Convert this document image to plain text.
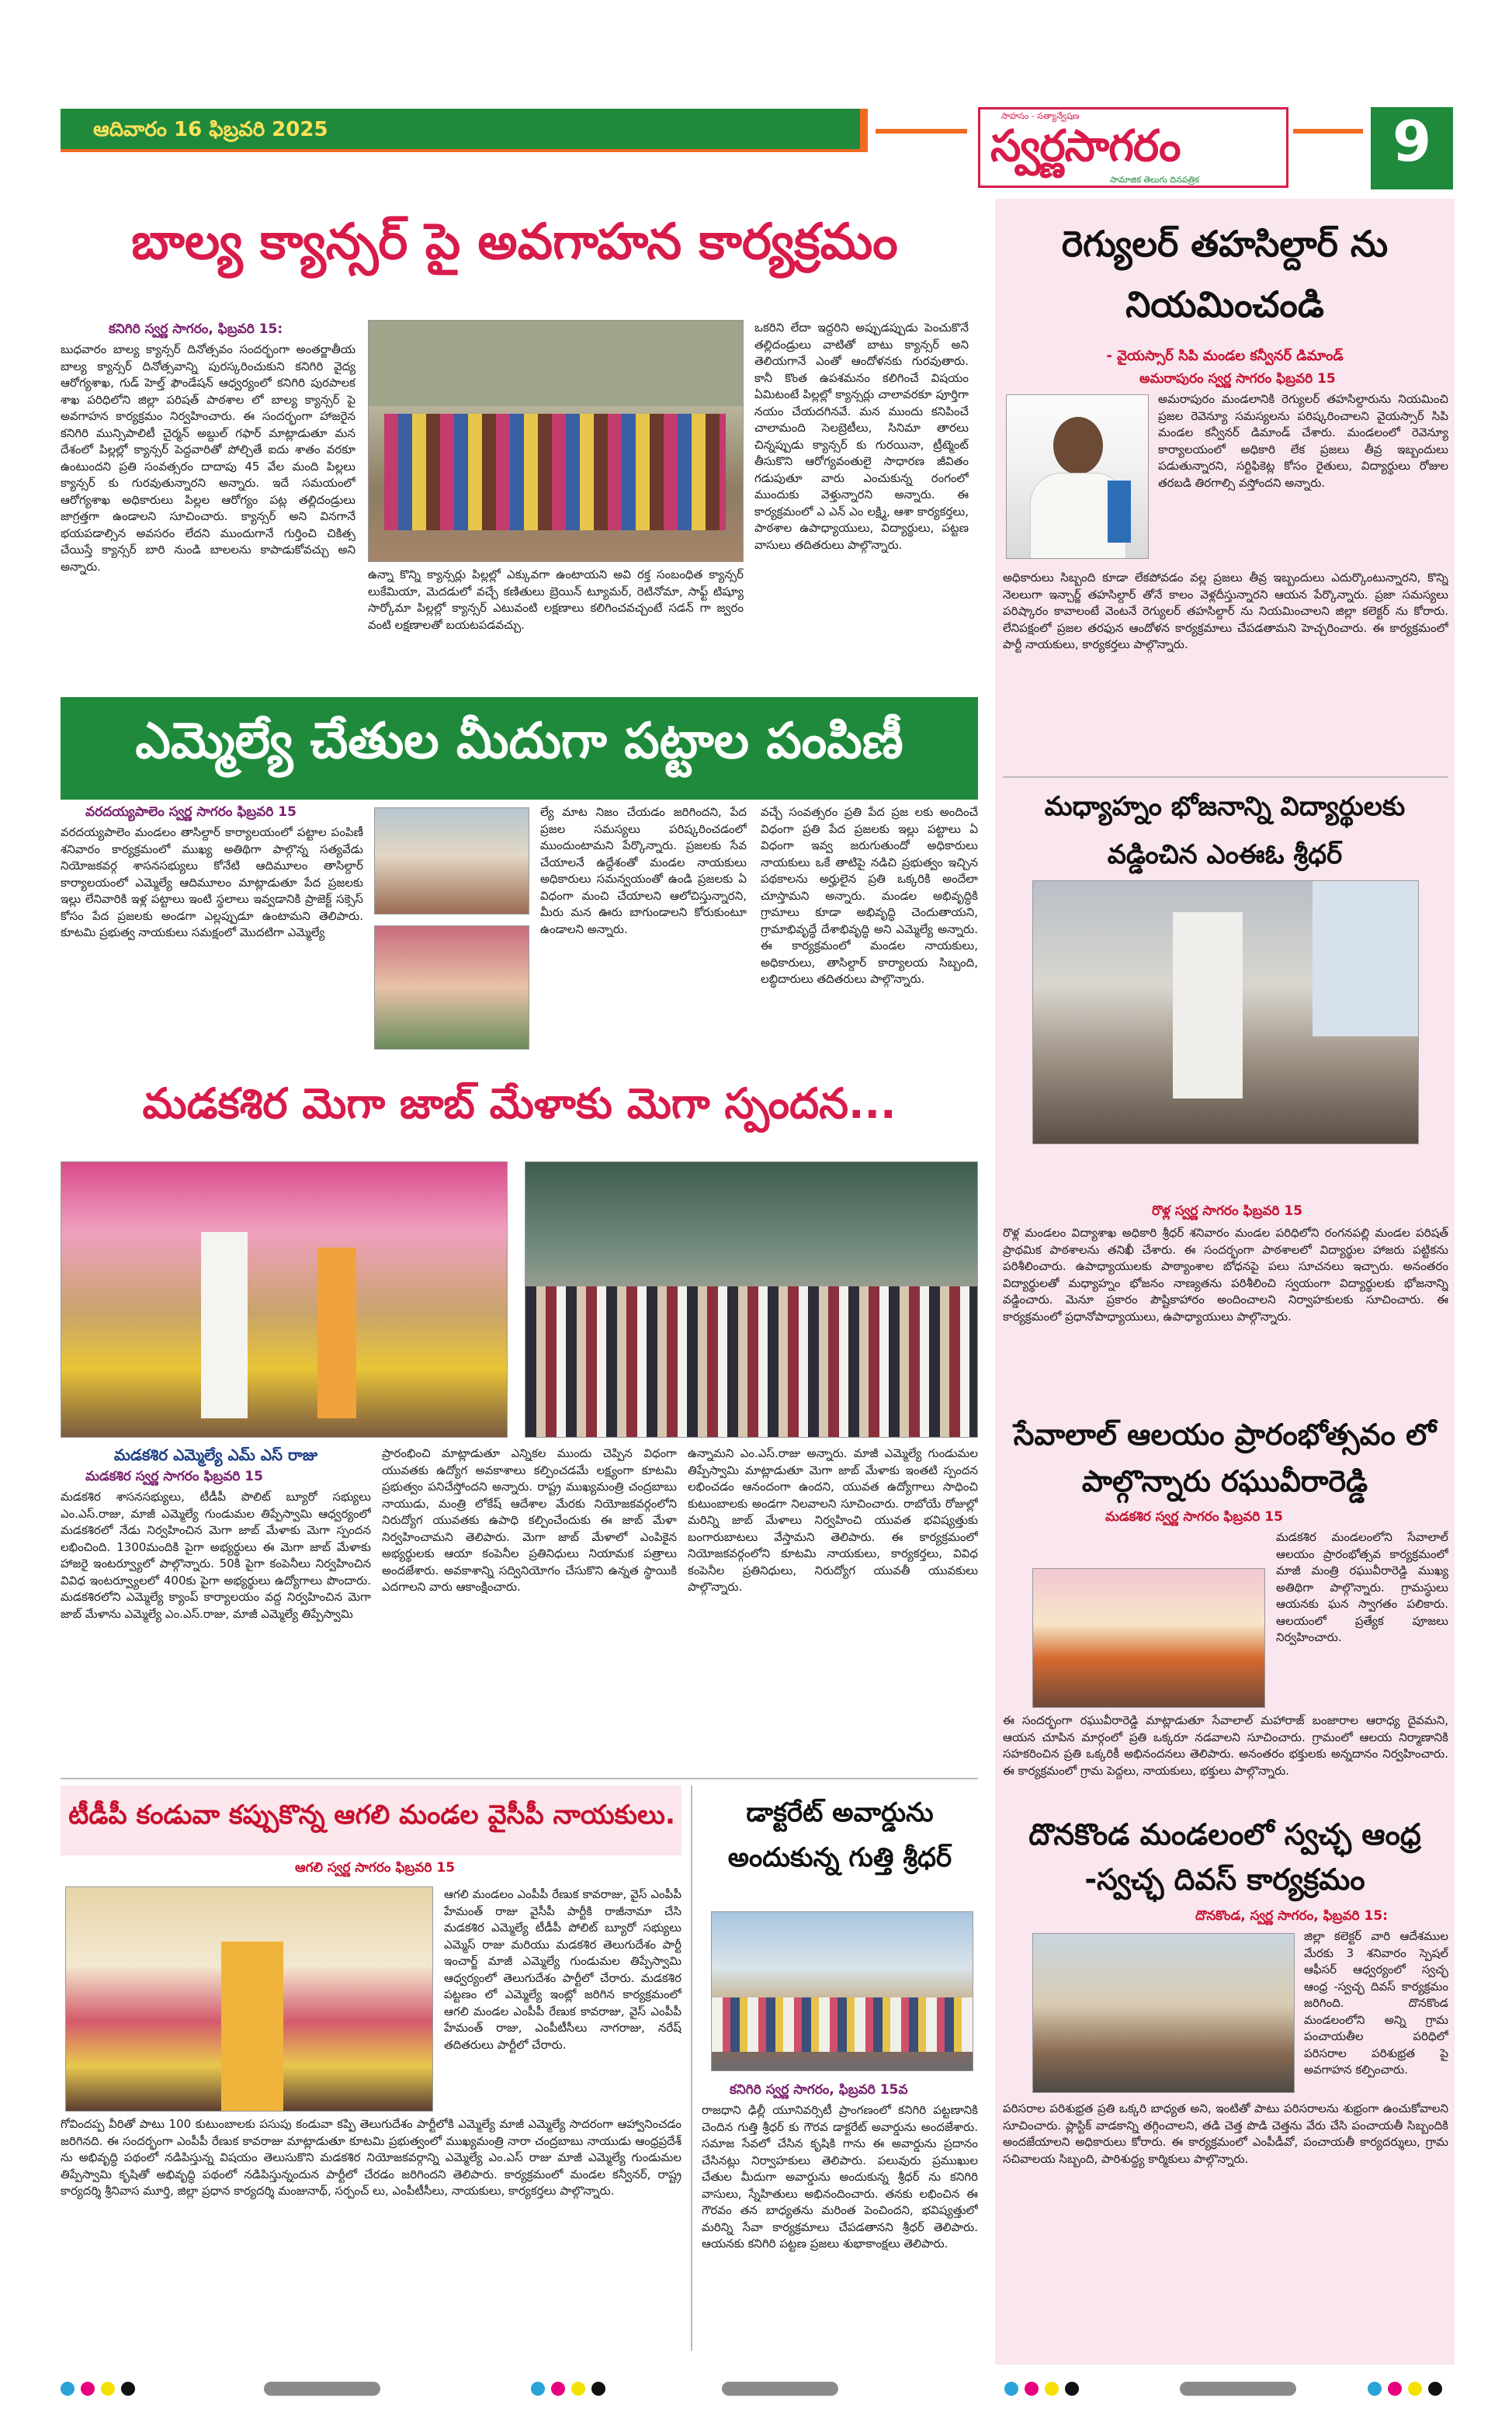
ఆదివారం 16 ఫిబ్రవరి 2025
సాహసం - సత్యాన్వేషణ
స్వర్ణసాగరం
సామాజిక తెలుగు దినపత్రిక
9
బాల్య క్యాన్సర్ పై అవగాహన కార్యక్రమం
కనిగిరి స్వర్ణ సాగరం, ఫిబ్రవరి 15:
బుధవారం బాల్య క్యాన్సర్ దినోత్సవం సందర్భంగా అంతర్జాతీయ బాల్య క్యాన్సర్ దినోత్సవాన్ని పురస్కరించుకుని కనిగిరి వైద్య ఆరోగ్యశాఖ, గుడ్ హెల్త్ ఫౌండేషన్ ఆధ్వర్యంలో కనిగిరి పురపాలక శాఖ పరిధిలోని జిల్లా పరిషత్ పాఠశాల లో బాల్య క్యాన్సర్ పై అవగాహన కార్యక్రమం నిర్వహించారు. ఈ సందర్భంగా హాజరైన కనిగిరి మున్సిపాలిటీ చైర్మన్ అబ్దుల్ గఫార్ మాట్లాడుతూ మన దేశంలో పిల్లల్లో క్యాన్సర్ పెద్దవారితో పోల్చితే ఐదు శాతం వరకూ ఉంటుందని ప్రతి సంవత్సరం దాదాపు 45 వేల మంది పిల్లలు క్యాన్సర్ కు గురవుతున్నారని అన్నారు. ఇదే సమయంలో ఆరోగ్యశాఖ అధికారులు పిల్లల ఆరోగ్యం పట్ల తల్లిదండ్రులు జాగ్రత్తగా ఉండాలని సూచించారు. క్యాన్సర్ అని వినగానే భయపడాల్సిన అవసరం లేదని ముందుగానే గుర్తించి చికిత్స చేయిస్తే క్యాన్సర్ బారి నుండి బాలలను కాపాడుకోవచ్చు అని అన్నారు.
ఉన్నా కొన్ని క్యాన్సర్లు పిల్లల్లో ఎక్కువగా ఉంటాయని అవి రక్త సంబంధిత క్యాన్సర్ లుకేమియా, మెదడులో వచ్చే కణితులు బ్రెయిన్ ట్యూమర్, రెటినోమా, సాఫ్ట్ టిష్యూ సార్కోమా పిల్లల్లో క్యాన్సర్ ఎటువంటి లక్షణాలు కలిగించవచ్చంటే సడన్ గా జ్వరం వంటి లక్షణాలతో బయటపడవచ్చు.
ఒకరిని లేదా ఇద్దరిని అప్పుడప్పుడు పెంచుకొనే తల్లిదండ్రులు వాటితో బాటు క్యాన్సర్ అని తెలియగానే ఎంతో ఆందోళనకు గురవుతారు. కానీ కొంత ఉపశమనం కలిగించే విషయం ఏమిటంటే పిల్లల్లో క్యాన్సర్లు చాలావరకూ పూర్తిగా నయం చేయదగినవే. మన ముందు కనిపించే చాలామంది సెలబ్రెటీలు, సినిమా తారలు చిన్నప్పుడు క్యాన్సర్ కు గురయినా, ట్రీట్మెంట్ తీసుకొని ఆరోగ్యవంతులై సాధారణ జీవితం గడుపుతూ వారు ఎంచుకున్న రంగంలో ముందుకు వెళ్తున్నారని అన్నారు. ఈ కార్యక్రమంలో ఎ ఎన్ ఎం లక్ష్మి, ఆశా కార్యకర్తలు, పాఠశాల ఉపాధ్యాయులు, విద్యార్థులు, పట్టణ వాసులు తదితరులు పాల్గొన్నారు.
ఎమ్మెల్యే చేతుల మీదుగా పట్టాల పంపిణీ
వరదయ్యపాలెం స్వర్ణ సాగరం ఫిబ్రవరి 15
వరదయ్యపాలెం మండలం తాసిల్దార్ కార్యాలయంలో పట్టాల పంపిణీ శనివారం కార్యక్రమంలో ముఖ్య అతిథిగా పాల్గొన్న సత్యవేడు నియోజకవర్గ శాసనసభ్యులు కోనేటి ఆదిమూలం తాసిల్దార్ కార్యాలయంలో ఎమ్మెల్యే ఆదిమూలం మాట్లాడుతూ పేద ప్రజలకు ఇల్లు లేనివారికి ఇళ్ల పట్టాలు ఇంటి స్థలాలు ఇవ్వడానికి ప్రాజెక్ట్ సక్సెస్ కోసం పేద ప్రజలకు అండగా ఎల్లప్పుడూ ఉంటామని తెలిపారు. కూటమి ప్రభుత్వ నాయకులు సమక్షంలో మొదటిగా ఎమ్మెల్యే
ల్యే మాట నిజం చేయడం జరిగిందని, పేద ప్రజల సమస్యలు పరిష్కరించడంలో ముందుంటామని పేర్కొన్నారు. ప్రజలకు సేవ చేయాలనే ఉద్దేశంతో మండల నాయకులు అధికారులు సమన్వయంతో ఉండి ప్రజలకు ఏ విధంగా మంచి చేయాలని ఆలోచిస్తున్నారని, మీరు మన ఊరు బాగుండాలని కోరుకుంటూ ఉండాలని అన్నారు.
వచ్చే సంవత్సరం ప్రతి పేద ప్రజ లకు అందించే విధంగా ప్రతి పేద ప్రజలకు ఇల్లు పట్టాలు ఏ విధంగా ఇవ్వ జరుగుతుందో అధికారులు నాయకులు ఒకే తాటిపై నడిచి ప్రభుత్వం ఇచ్చిన పథకాలను అర్హులైన ప్రతి ఒక్కరికి అందేలా చూస్తామని అన్నారు. మండల అభివృద్ధికి గ్రామాలు కూడా అభివృద్ధి చెందుతాయని, గ్రామాభివృద్ధే దేశాభివృద్ధి అని ఎమ్మెల్యే అన్నారు. ఈ కార్యక్రమంలో మండల నాయకులు, అధికారులు, తాసిల్దార్ కార్యాలయ సిబ్బంది, లబ్ధిదారులు తదితరులు పాల్గొన్నారు.
మడకశిర మెగా జాబ్ మేళాకు మెగా స్పందన...
మడకశిర ఎమ్మెల్యే ఎమ్ ఎస్ రాజు
మడకశిర స్వర్ణ సాగరం ఫిబ్రవరి 15
మడకశిర శాసనసభ్యులు, టీడీపీ పొలిట్ బ్యూరో సభ్యులు ఎం.ఎస్.రాజు, మాజీ ఎమ్మెల్యే గుండుమల తిప్పేస్వామి ఆధ్వర్యంలో మడకశిరలో నేడు నిర్వహించిన మెగా జాబ్ మేళాకు మెగా స్పందన లభించింది. 1300మందికి పైగా అభ్యర్థులు ఈ మెగా జాబ్ మేళాకు హాజరై ఇంటర్వ్యూలో పాల్గొన్నారు. 50కి పైగా కంపెనీలు నిర్వహించిన వివిధ ఇంటర్వ్యూలలో 400కు పైగా అభ్యర్థులు ఉద్యోగాలు పొందారు. మడకశిరలోని ఎమ్మెల్యే క్యాంప్ కార్యాలయం వద్ద నిర్వహించిన మెగా జాబ్ మేళాను ఎమ్మెల్యే ఎం.ఎస్.రాజు, మాజీ ఎమ్మెల్యే తిప్పేస్వామి
ప్రారంభించి మాట్లాడుతూ ఎన్నికల ముందు చెప్పిన విధంగా యువతకు ఉద్యోగ అవకాశాలు కల్పించడమే లక్ష్యంగా కూటమి ప్రభుత్వం పనిచేస్తోందని అన్నారు. రాష్ట్ర ముఖ్యమంత్రి చంద్రబాబు నాయుడు, మంత్రి లోకేష్ ఆదేశాల మేరకు నియోజకవర్గంలోని నిరుద్యోగ యువతకు ఉపాధి కల్పించేందుకు ఈ జాబ్ మేళా నిర్వహించామని తెలిపారు. మెగా జాబ్ మేళాలో ఎంపికైన అభ్యర్థులకు ఆయా కంపెనీల ప్రతినిధులు నియామక పత్రాలు అందజేశారు. అవకాశాన్ని సద్వినియోగం చేసుకొని ఉన్నత స్థాయికి ఎదగాలని వారు ఆకాంక్షించారు.
ఉన్నామని ఎం.ఎస్.రాజు అన్నారు. మాజీ ఎమ్మెల్యే గుండుమల తిప్పేస్వామి మాట్లాడుతూ మెగా జాబ్ మేళాకు ఇంతటి స్పందన లభించడం ఆనందంగా ఉందని, యువత ఉద్యోగాలు సాధించి కుటుంబాలకు అండగా నిలవాలని సూచించారు. రాబోయే రోజుల్లో మరిన్ని జాబ్ మేళాలు నిర్వహించి యువత భవిష్యత్తుకు బంగారుబాటలు వేస్తామని తెలిపారు. ఈ కార్యక్రమంలో నియోజకవర్గంలోని కూటమి నాయకులు, కార్యకర్తలు, వివిధ కంపెనీల ప్రతినిధులు, నిరుద్యోగ యువతీ యువకులు పాల్గొన్నారు.
టీడీపీ కండువా కప్పుకొన్న ఆగలి మండల వైసీపీ నాయకులు.
ఆగలి స్వర్ణ సాగరం ఫిబ్రవరి 15
ఆగలి మండలం ఎంపీపీ రేణుక కావరాజు, వైస్ ఎంపీపీ హేమంత్ రాజు వైసీపీ పార్టీకి రాజీనామా చేసి మడకశిర ఎమ్మెల్యే టీడీపీ పోలిట్ బ్యూరో సభ్యులు ఎమ్మెస్ రాజు మరియు మడకశిర తెలుగుదేశం పార్టీ ఇంచార్జ్ మాజీ ఎమ్మెల్యే గుండుమల తిప్పేస్వామి ఆధ్వర్యంలో తెలుగుదేశం పార్టీలో చేరారు. మడకశిర పట్టణం లో ఎమ్మెల్యే ఇంట్లో జరిగిన కార్యక్రమంలో ఆగలి మండల ఎంపీపీ రేణుక కావరాజు, వైస్ ఎంపీపీ హేమంత్ రాజు, ఎంపీటీసీలు నాగరాజు, నరేష్ తదితరులు పార్టీలో చేరారు.
గోవిందప్ప వీరితో పాటు 100 కుటుంబాలకు పసుపు కండువా కప్పి తెలుగుదేశం పార్టీలోకి ఎమ్మెల్యే మాజీ ఎమ్మెల్యే సాదరంగా ఆహ్వానించడం జరిగినది. ఈ సందర్భంగా ఎంపీపీ రేణుక కావరాజు మాట్లాడుతూ కూటమి ప్రభుత్వంలో ముఖ్యమంత్రి నారా చంద్రబాబు నాయుడు ఆంధ్రప్రదేశ్ ను అభివృద్ధి పథంలో నడిపిస్తున్న విషయం తెలుసుకొని మడకశిర నియోజకవర్గాన్ని ఎమ్మెల్యే ఎం.ఎస్ రాజు మాజీ ఎమ్మెల్యే గుండుమల తిప్పేస్వామి కృషితో అభివృద్ధి పథంలో నడిపిస్తున్నందున పార్టీలో చేరడం జరిగిందని తెలిపారు. కార్యక్రమంలో మండల కన్వీనర్, రాష్ట్ర కార్యదర్శి శ్రీనివాస మూర్తి, జిల్లా ప్రధాన కార్యదర్శి మంజునాథ్, సర్పంచ్ లు, ఎంపీటీసీలు, నాయకులు, కార్యకర్తలు పాల్గొన్నారు.
డాక్టరేట్ అవార్డును అందుకున్న గుత్తి శ్రీధర్
కనిగిరి స్వర్ణ సాగరం, ఫిబ్రవరి 15వ
రాజధాని ఢిల్లీ యూనివర్సిటీ ప్రాంగణంలో కనిగిరి పట్టణానికి చెందిన గుత్తి శ్రీధర్ కు గౌరవ డాక్టరేట్ అవార్డును అందజేశారు. సమాజ సేవలో చేసిన కృషికి గాను ఈ అవార్డును ప్రదానం చేసినట్లు నిర్వాహకులు తెలిపారు. పలువురు ప్రముఖుల చేతుల మీదుగా అవార్డును అందుకున్న శ్రీధర్ ను కనిగిరి వాసులు, స్నేహితులు అభినందించారు. తనకు లభించిన ఈ గౌరవం తన బాధ్యతను మరింత పెంచిందని, భవిష్యత్తులో మరిన్ని సేవా కార్యక్రమాలు చేపడతానని శ్రీధర్ తెలిపారు. ఆయనకు కనిగిరి పట్టణ ప్రజలు శుభాకాంక్షలు తెలిపారు.
రెగ్యులర్ తహసిల్దార్ ను నియమించండి
- వైయస్సార్ సిపి మండల కన్వీనర్ డిమాండ్
అమరాపురం స్వర్ణ సాగరం ఫిబ్రవరి 15
అమరాపురం మండలానికి రెగ్యులర్ తహసిల్దారును నియమించి ప్రజల రెవెన్యూ సమస్యలను పరిష్కరించాలని వైయస్సార్ సిపి మండల కన్వీనర్ డిమాండ్ చేశారు. మండలంలో రెవెన్యూ కార్యాలయంలో అధికారి లేక ప్రజలు తీవ్ర ఇబ్బందులు పడుతున్నారని, సర్టిఫికెట్ల కోసం రైతులు, విద్యార్థులు రోజుల తరబడి తిరగాల్సి వస్తోందని అన్నారు.
అధికారులు సిబ్బంది కూడా లేకపోవడం వల్ల ప్రజలు తీవ్ర ఇబ్బందులు ఎదుర్కొంటున్నారని, కొన్ని నెలలుగా ఇన్చార్జ్ తహసిల్దార్ తోనే కాలం వెళ్లదీస్తున్నారని ఆయన పేర్కొన్నారు. ప్రజా సమస్యలు పరిష్కారం కావాలంటే వెంటనే రెగ్యులర్ తహసిల్దార్ ను నియమించాలని జిల్లా కలెక్టర్ ను కోరారు. లేనిపక్షంలో ప్రజల తరఫున ఆందోళన కార్యక్రమాలు చేపడతామని హెచ్చరించారు. ఈ కార్యక్రమంలో పార్టీ నాయకులు, కార్యకర్తలు పాల్గొన్నారు.
మధ్యాహ్నం భోజనాన్ని విద్యార్థులకు వడ్డించిన ఎంఈఓ శ్రీధర్
రొళ్ల స్వర్ణ సాగరం ఫిబ్రవరి 15
రొళ్ల మండలం విద్యాశాఖ అధికారి శ్రీధర్ శనివారం మండల పరిధిలోని రంగనపల్లి మండల పరిషత్ ప్రాథమిక పాఠశాలను తనిఖీ చేశారు. ఈ సందర్భంగా పాఠశాలలో విద్యార్థుల హాజరు పట్టికను పరిశీలించారు. ఉపాధ్యాయులకు పాఠ్యాంశాల బోధనపై పలు సూచనలు ఇచ్చారు. అనంతరం విద్యార్థులతో మధ్యాహ్నం భోజనం నాణ్యతను పరిశీలించి స్వయంగా విద్యార్థులకు భోజనాన్ని వడ్డించారు. మెనూ ప్రకారం పౌష్టికాహారం అందించాలని నిర్వాహకులకు సూచించారు. ఈ కార్యక్రమంలో ప్రధానోపాధ్యాయులు, ఉపాధ్యాయులు పాల్గొన్నారు.
సేవాలాల్ ఆలయం ప్రారంభోత్సవం లో పాల్గొన్నారు రఘువీరారెడ్డి
మడకశిర స్వర్ణ సాగరం ఫిబ్రవరి 15
మడకశిర మండలంలోని సేవాలాల్ ఆలయం ప్రారంభోత్సవ కార్యక్రమంలో మాజీ మంత్రి రఘువీరారెడ్డి ముఖ్య అతిథిగా పాల్గొన్నారు. గ్రామస్థులు ఆయనకు ఘన స్వాగతం పలికారు. ఆలయంలో ప్రత్యేక పూజలు నిర్వహించారు.
ఈ సందర్భంగా రఘువీరారెడ్డి మాట్లాడుతూ సేవాలాల్ మహారాజ్ బంజారాల ఆరాధ్య దైవమని, ఆయన చూపిన మార్గంలో ప్రతి ఒక్కరూ నడవాలని సూచించారు. గ్రామంలో ఆలయ నిర్మాణానికి సహకరించిన ప్రతి ఒక్కరికీ అభినందనలు తెలిపారు. అనంతరం భక్తులకు అన్నదానం నిర్వహించారు. ఈ కార్యక్రమంలో గ్రామ పెద్దలు, నాయకులు, భక్తులు పాల్గొన్నారు.
దొనకొండ మండలంలో స్వచ్ఛ ఆంధ్ర -స్వచ్ఛ దివస్ కార్యక్రమం
దొనకొండ, స్వర్ణ సాగరం, ఫిబ్రవరి 15:
జిల్లా కలెక్టర్ వారి ఆదేశముల మేరకు 3 శనివారం స్పెషల్ ఆఫీసర్ ఆధ్వర్యంలో స్వచ్ఛ ఆంధ్ర -స్వచ్ఛ దివస్ కార్యక్రమం జరిగింది. దొనకొండ మండలంలోని అన్ని గ్రామ పంచాయతీల పరిధిలో పరిసరాల పరిశుభ్రత పై అవగాహన కల్పించారు.
పరిసరాల పరిశుభ్రత ప్రతి ఒక్కరి బాధ్యత అని, ఇంటితో పాటు పరిసరాలను శుభ్రంగా ఉంచుకోవాలని సూచించారు. ప్లాస్టిక్ వాడకాన్ని తగ్గించాలని, తడి చెత్త పొడి చెత్తను వేరు చేసి పంచాయతీ సిబ్బందికి అందజేయాలని అధికారులు కోరారు. ఈ కార్యక్రమంలో ఎంపీడీవో, పంచాయతీ కార్యదర్శులు, గ్రామ సచివాలయ సిబ్బంది, పారిశుద్ధ్య కార్మికులు పాల్గొన్నారు.
